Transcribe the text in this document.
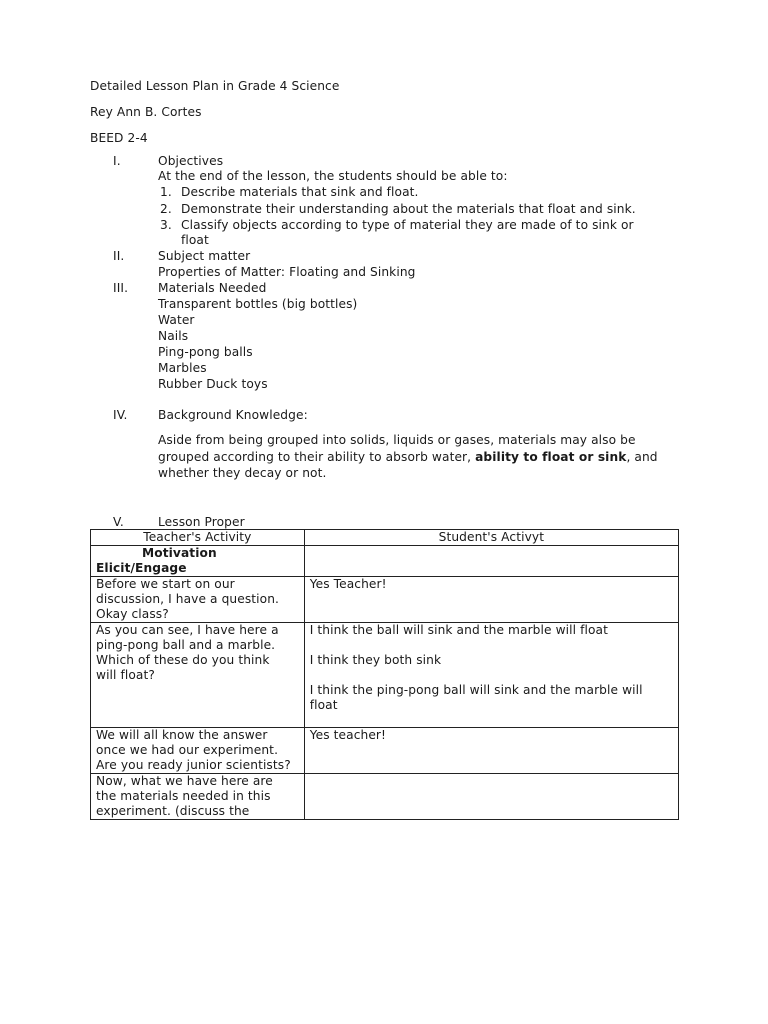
Detailed Lesson Plan in Grade 4 Science
Rey Ann B. Cortes
BEED 2-4
I.	Objectives
At the end of the lesson, the students should be able to:
1. Describe materials that sink and float.
2. Demonstrate their understanding about the materials that float and sink.
3. Classify objects according to type of material they are made of to sink or
float
II.	Subject matter
Properties of Matter: Floating and Sinking
III. Materials Needed
Transparent bottles (big bottles)
Water
Nails
Ping-pong balls
Marbles
Rubber Duck toys
IV. Background Knowledge:
Aside from being grouped into solids, liquids or gases, materials may also be
grouped according to their ability to absorb water, ability to float or sink, and
whether they decay or not.
V.	Lesson Proper
Teacher's Activity	Student's Activyt

Motivation
Elicit/Engage	

Before we start on our
discussion, I have a question.
Okay class?	Yes Teacher!
As you can see, I have here a
ping-pong ball and a marble.
Which of these do you think
will float?	I think the ball will sink and the marble will float

I think they both sink

I think the ping-pong ball will sink and the marble will
float
We will all know the answer
once we had our experiment.
Are you ready junior scientists?	Yes teacher!
Now, what we have here are
the materials needed in this
experiment. (discuss the	
